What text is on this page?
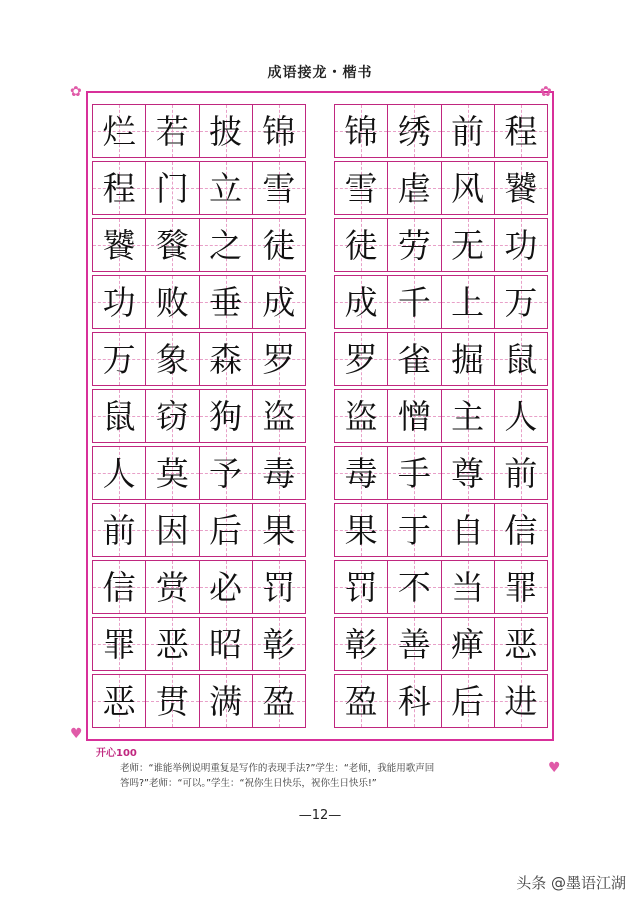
成语接龙・楷书
✿	✿
♥
♥
烂 若 披 锦
程 门 立 雪
饕 餮 之 徒
功 败 垂 成
万 象 森 罗
鼠 窃 狗 盗
人 莫 予 毒
前 因 后 果
信 赏 必 罚
罪 恶 昭 彰
恶 贯 满 盈
锦 绣 前 程
雪 虐 风 饕
徒 劳 无 功
成 千 上 万
罗 雀 掘 鼠
盗 憎 主 人
毒 手 尊 前
果 于 自 信
罚 不 当 罪
彰 善 瘅 恶
盈 科 后 进
开心100

老师：“谁能举例说明重复是写作的表现手法?”学生：“老师，我能用歌声回

答吗?”老师：“可以。”学生：“祝你生日快乐，祝你生日快乐!”

—12—
头条 @墨语江湖
